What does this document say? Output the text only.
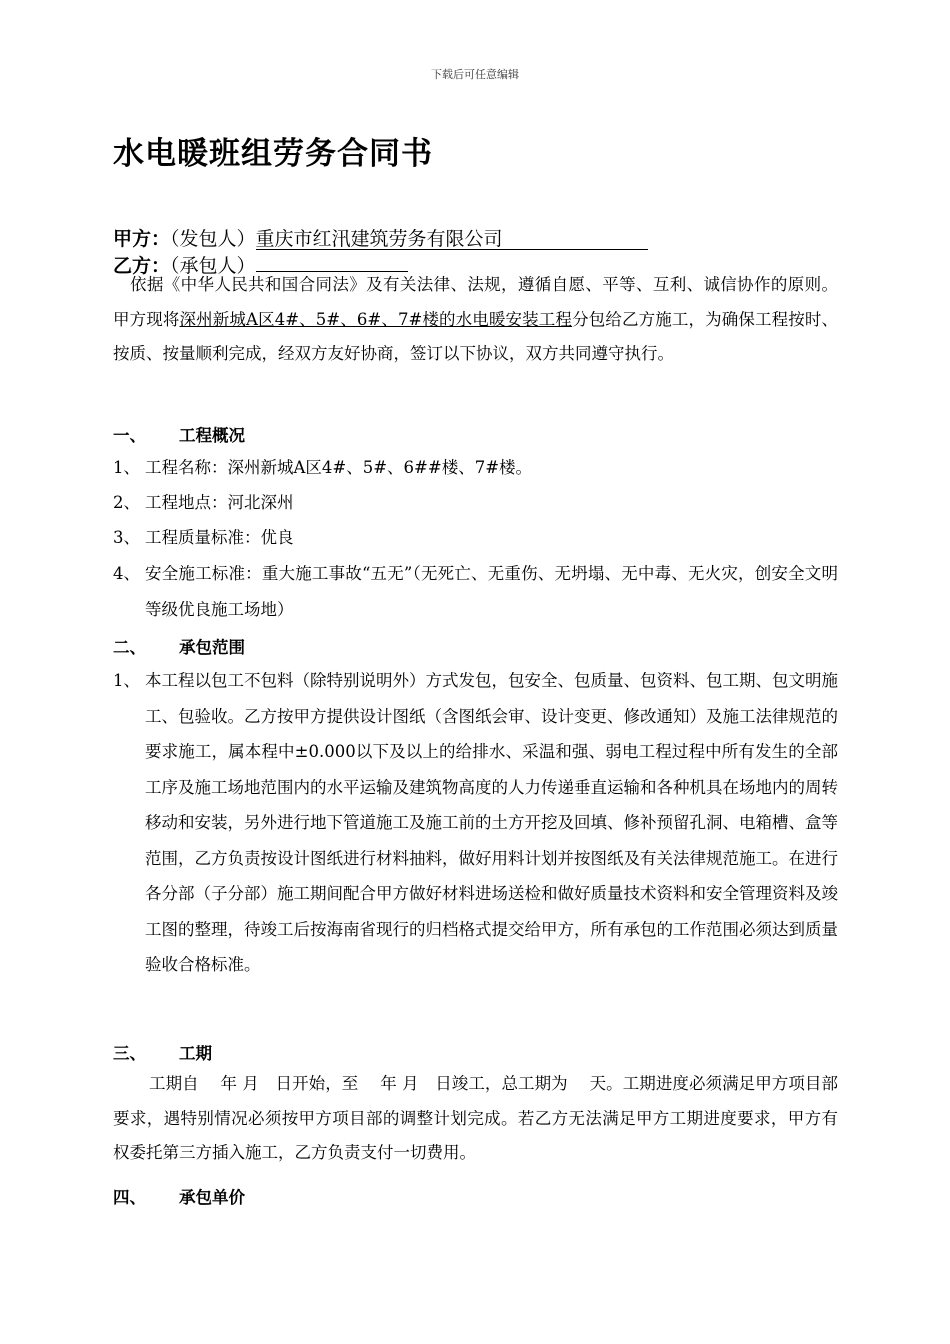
下载后可任意编辑
水电暖班组劳务合同书
甲方：（发包人）重庆市红汛建筑劳务有限公司
乙方：（承包人）
依据《中华人民共和国合同法》及有关法律、法规，遵循自愿、平等、互利、诚信协作的原则。甲方现将深州新城A区4#、5#、6#、7#楼的水电暖安装工程分包给乙方施工，为确保工程按时、按质、按量顺利完成，经双方友好协商，签订以下协议，双方共同遵守执行。
一、 工程概况
1、 工程名称：深州新城A区4#、5#、6##楼、7#楼。
2、 工程地点：河北深州
3、 工程质量标准：优良
4、 安全施工标准：重大施工事故“五无”（无死亡、无重伤、无坍塌、无中毒、无火灾，创安全文明等级优良施工场地）
二、 承包范围
1、 本工程以包工不包料（除特别说明外）方式发包，包安全、包质量、包资料、包工期、包文明施工、包验收。乙方按甲方提供设计图纸（含图纸会审、设计变更、修改通知）及施工法律规范的要求施工，属本程中±0.000以下及以上的给排水、采温和强、弱电工程过程中所有发生的全部工序及施工场地范围内的水平运输及建筑物高度的人力传递垂直运输和各种机具在场地内的周转移动和安装，另外进行地下管道施工及施工前的土方开挖及回填、修补预留孔洞、电箱槽、盒等范围，乙方负责按设计图纸进行材料抽料，做好用料计划并按图纸及有关法律规范施工。在进行各分部（子分部）施工期间配合甲方做好材料进场送检和做好质量技术资料和安全管理资料及竣工图的整理，待竣工后按海南省现行的归档格式提交给甲方，所有承包的工作范围必须达到质量验收合格标准。
三、 工期
工期自　 年 月　日开始，至　 年 月　日竣工，总工期为　 天。工期进度必须满足甲方项目部要求，遇特别情况必须按甲方项目部的调整计划完成。若乙方无法满足甲方工期进度要求，甲方有权委托第三方插入施工，乙方负责支付一切费用。
四、 承包单价
